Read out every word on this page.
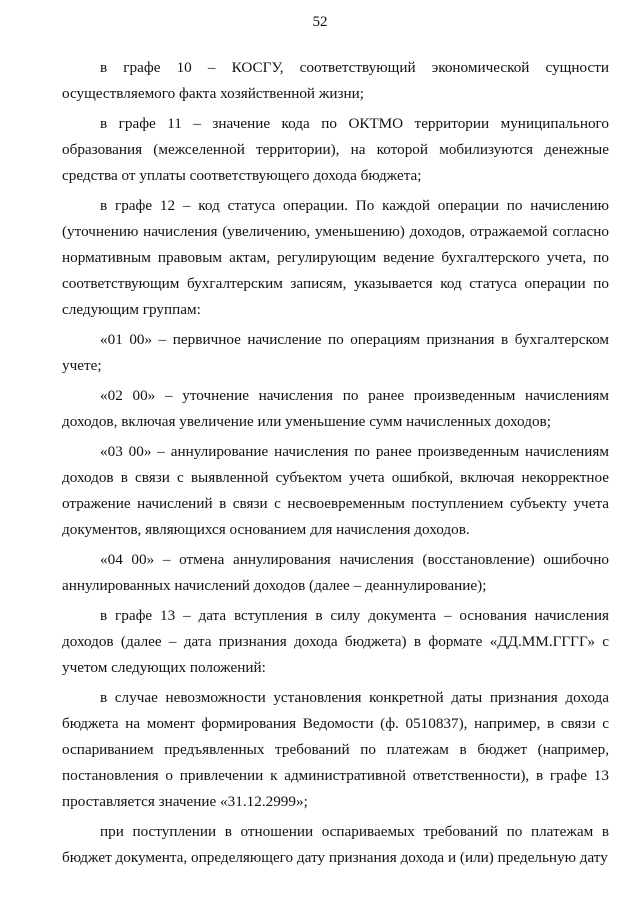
52

в графе 10 – КОСГУ, соответствующий экономической сущности осуществляемого факта хозяйственной жизни;

в графе 11 – значение кода по ОКТМО территории муниципального образования (межселенной территории), на которой мобилизуются денежные средства от уплаты соответствующего дохода бюджета;

в графе 12 – код статуса операции. По каждой операции по начислению (уточнению начисления (увеличению, уменьшению) доходов, отражаемой согласно нормативным правовым актам, регулирующим ведение бухгалтерского учета, по соответствующим бухгалтерским записям, указывается код статуса операции по следующим группам:

«01 00» – первичное начисление по операциям признания в бухгалтерском учете;

«02 00» – уточнение начисления по ранее произведенным начислениям доходов, включая увеличение или уменьшение сумм начисленных доходов;

«03 00» – аннулирование начисления по ранее произведенным начислениям доходов в связи с выявленной субъектом учета ошибкой, включая некорректное отражение начислений в связи с несвоевременным поступлением субъекту учета документов, являющихся основанием для начисления доходов.

«04 00» – отмена аннулирования начисления (восстановление) ошибочно аннулированных начислений доходов (далее – деаннулирование);

в графе 13 – дата вступления в силу документа – основания начисления доходов (далее – дата признания дохода бюджета) в формате «ДД.ММ.ГГГГ» с учетом следующих положений:

в случае невозможности установления конкретной даты признания дохода бюджета на момент формирования Ведомости (ф. 0510837), например, в связи с оспариванием предъявленных требований по платежам в бюджет (например, постановления о привлечении к административной ответственности), в графе 13 проставляется значение «31.12.2999»;

при поступлении в отношении оспариваемых требований по платежам в бюджет документа, определяющего дату признания дохода и (или) предельную дату
